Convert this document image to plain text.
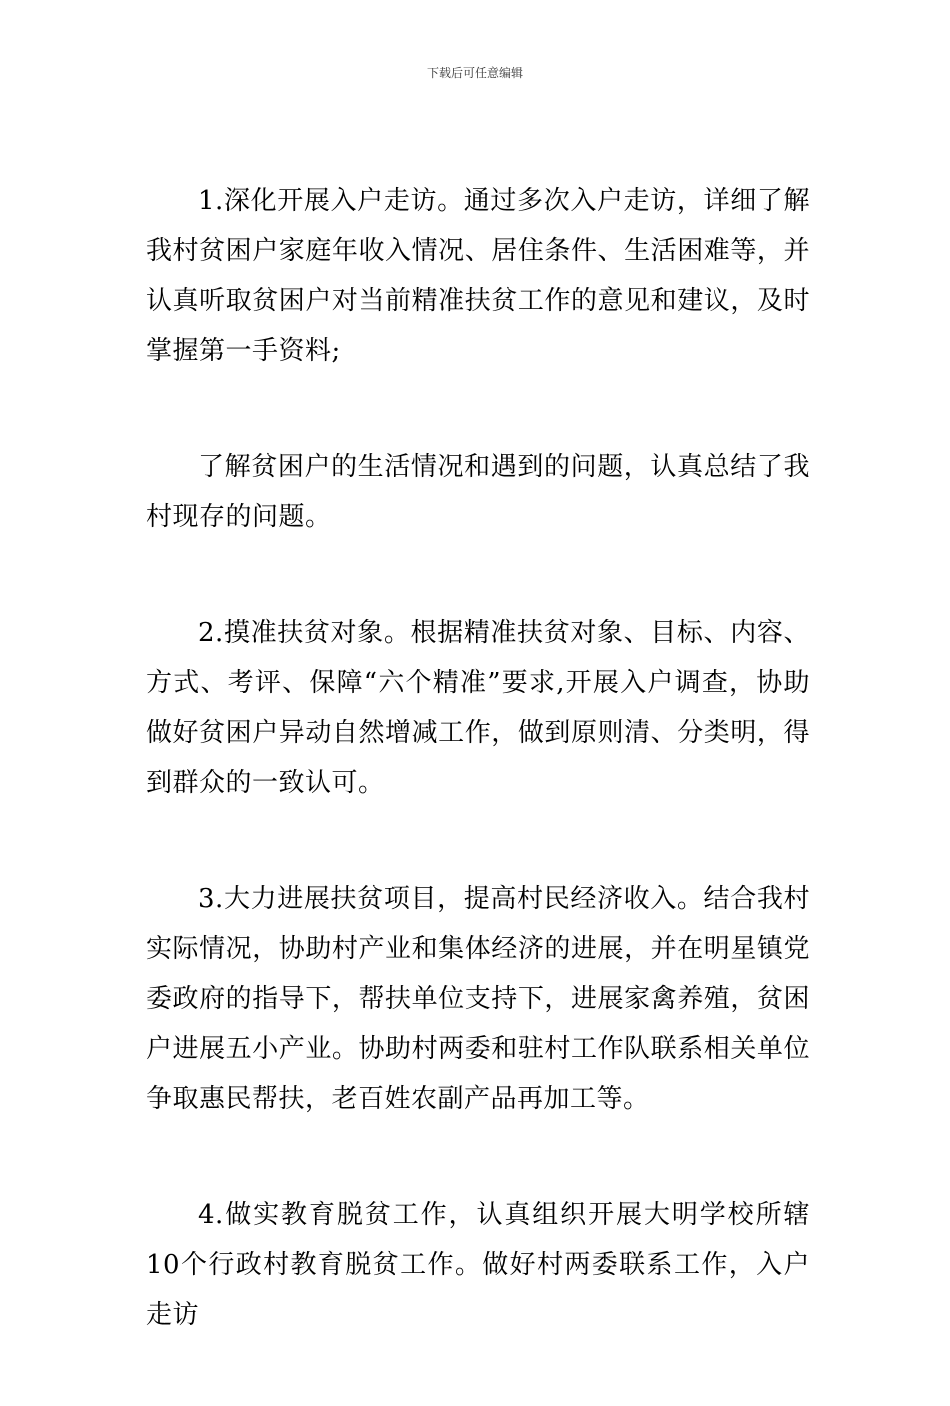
下载后可任意编辑

1.深化开展入户走访。通过多次入户走访，详细了解我村贫困户家庭年收入情况、居住条件、生活困难等，并认真听取贫困户对当前精准扶贫工作的意见和建议，及时掌握第一手资料;

了解贫困户的生活情况和遇到的问题，认真总结了我村现存的问题。

2.摸准扶贫对象。根据精准扶贫对象、目标、内容、方式、考评、保障“六个精准”要求,开展入户调查，协助做好贫困户异动自然增减工作，做到原则清、分类明，得到群众的一致认可。

3.大力进展扶贫项目，提高村民经济收入。结合我村实际情况，协助村产业和集体经济的进展，并在明星镇党委政府的指导下，帮扶单位支持下，进展家禽养殖，贫困户进展五小产业。协助村两委和驻村工作队联系相关单位争取惠民帮扶，老百姓农副产品再加工等。

4.做实教育脱贫工作，认真组织开展大明学校所辖10个行政村教育脱贫工作。做好村两委联系工作，入户走访
